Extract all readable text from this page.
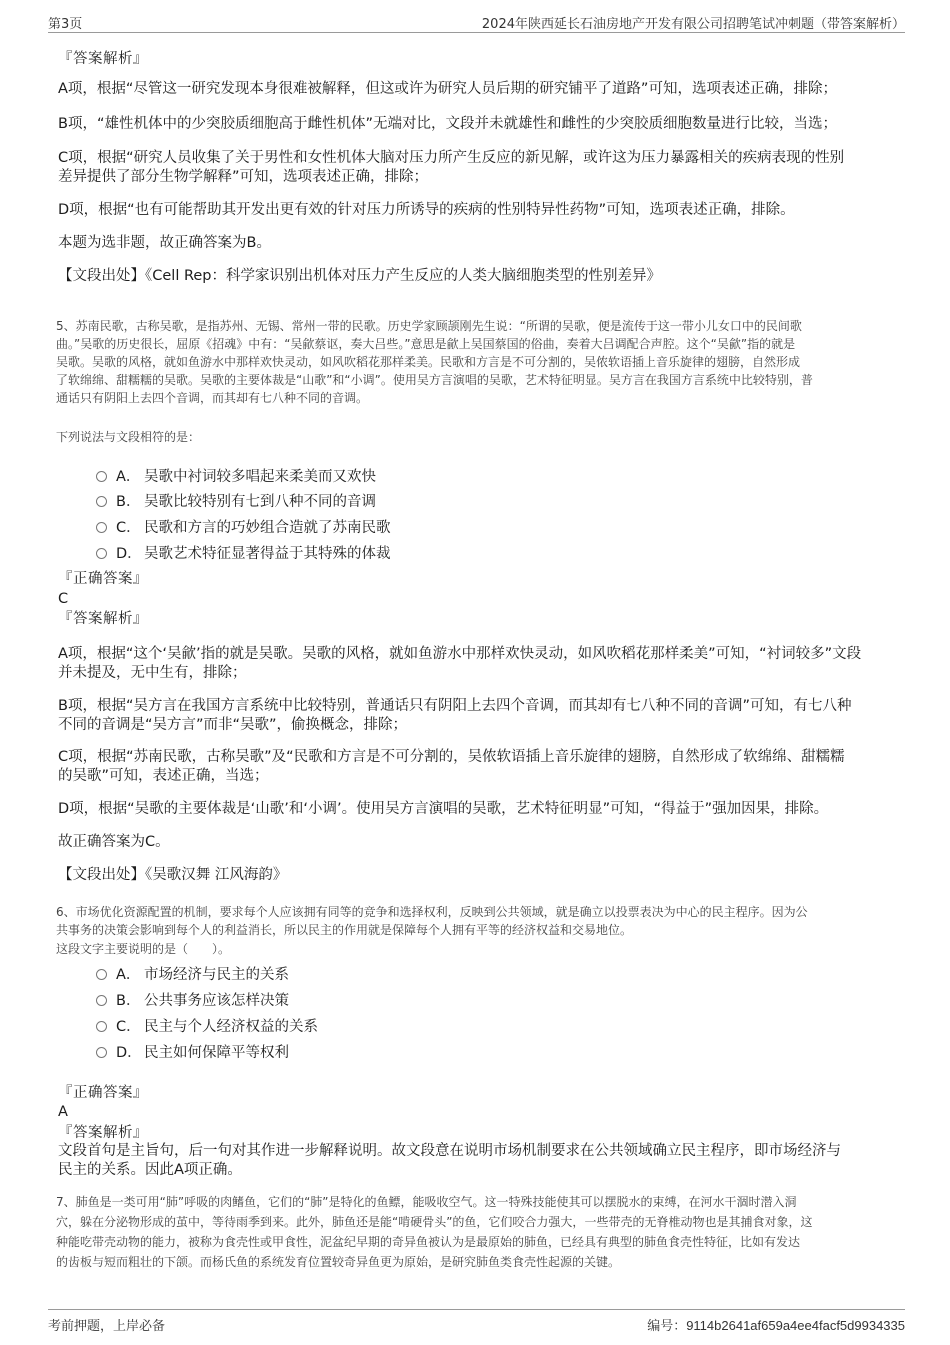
第3页	2024年陕西延长石油房地产开发有限公司招聘笔试冲刺题（带答案解析）
『答案解析』
A项，根据“尽管这一研究发现本身很难被解释，但这或许为研究人员后期的研究铺平了道路”可知，选项表述正确，排除；
B项，“雄性机体中的少突胶质细胞高于雌性机体”无端对比，文段并未就雄性和雌性的少突胶质细胞数量进行比较，当选；
C项，根据“研究人员收集了关于男性和女性机体大脑对压力所产生反应的新见解，或许这为压力暴露相关的疾病表现的性别
差异提供了部分生物学解释”可知，选项表述正确，排除；
D项，根据“也有可能帮助其开发出更有效的针对压力所诱导的疾病的性别特异性药物”可知，选项表述正确，排除。
本题为选非题，故正确答案为B。
【文段出处】《Cell Rep：科学家识别出机体对压力产生反应的人类大脑细胞类型的性别差异》
5、苏南民歌，古称吴歌，是指苏州、无锡、常州一带的民歌。历史学家顾颉刚先生说：“所谓的吴歌，便是流传于这一带小儿女口中的民间歌
曲。”吴歌的历史很长，屈原《招魂》中有：“吴歈蔡讴，奏大吕些。”意思是歈上吴国蔡国的俗曲，奏着大吕调配合声腔。这个“吴歈”指的就是
吴歌。吴歌的风格，就如鱼游水中那样欢快灵动，如风吹稻花那样柔美。民歌和方言是不可分割的，吴侬软语插上音乐旋律的翅膀，自然形成
了软绵绵、甜糯糯的吴歌。吴歌的主要体裁是“山歌”和“小调”。使用吴方言演唱的吴歌，艺术特征明显。吴方言在我国方言系统中比较特别，普
通话只有阴阳上去四个音调，而其却有七八种不同的音调。
下列说法与文段相符的是：
A． 吴歌中衬词较多唱起来柔美而又欢快
B． 吴歌比较特别有七到八种不同的音调
C． 民歌和方言的巧妙组合造就了苏南民歌
D． 吴歌艺术特征显著得益于其特殊的体裁
『正确答案』
C
『答案解析』
A项，根据“这个‘吴歈’指的就是吴歌。吴歌的风格，就如鱼游水中那样欢快灵动，如风吹稻花那样柔美”可知，“衬词较多”文段
并未提及，无中生有，排除；
B项，根据“吴方言在我国方言系统中比较特别，普通话只有阴阳上去四个音调，而其却有七八种不同的音调”可知，有七八种
不同的音调是“吴方言”而非“吴歌”，偷换概念，排除；
C项，根据“苏南民歌，古称吴歌”及“民歌和方言是不可分割的，吴侬软语插上音乐旋律的翅膀，自然形成了软绵绵、甜糯糯
的吴歌”可知，表述正确，当选；
D项，根据“吴歌的主要体裁是‘山歌’和‘小调’。使用吴方言演唱的吴歌，艺术特征明显”可知，“得益于”强加因果，排除。
故正确答案为C。
【文段出处】《吴歌汉舞 江风海韵》
6、市场优化资源配置的机制，要求每个人应该拥有同等的竞争和选择权利，反映到公共领域，就是确立以投票表决为中心的民主程序。因为公
共事务的决策会影响到每个人的利益消长，所以民主的作用就是保障每个人拥有平等的经济权益和交易地位。
这段文字主要说明的是（　　）。
A． 市场经济与民主的关系
B． 公共事务应该怎样决策
C． 民主与个人经济权益的关系
D． 民主如何保障平等权利
『正确答案』
A
『答案解析』
文段首句是主旨句，后一句对其作进一步解释说明。故文段意在说明市场机制要求在公共领域确立民主程序，即市场经济与
民主的关系。因此A项正确。
7、肺鱼是一类可用“肺”呼吸的肉鳍鱼，它们的“肺”是特化的鱼鳔，能吸收空气。这一特殊技能使其可以摆脱水的束缚，在河水干涸时潜入洞
穴，躲在分泌物形成的茧中，等待雨季到来。此外，肺鱼还是能“啃硬骨头”的鱼，它们咬合力强大，一些带壳的无脊椎动物也是其捕食对象，这
种能吃带壳动物的能力，被称为食壳性或甲食性，泥盆纪早期的奇异鱼被认为是最原始的肺鱼，已经具有典型的肺鱼食壳性特征，比如有发达
的齿板与短而粗壮的下颌。而杨氏鱼的系统发育位置较奇异鱼更为原始，是研究肺鱼类食壳性起源的关键。
考前押题，上岸必备	编号：9114b2641af659a4ee4facf5d9934335
